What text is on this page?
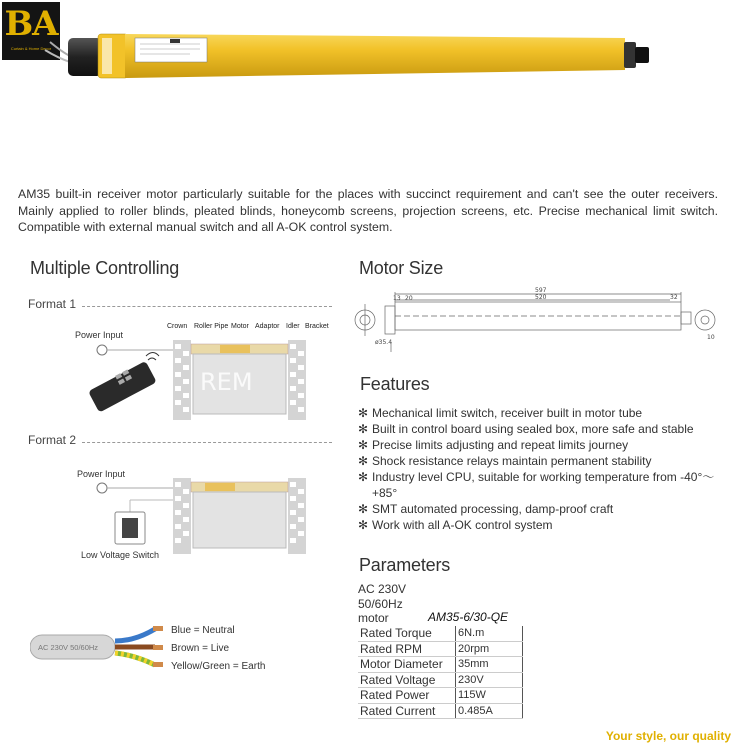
BA
Curtain & Home Decor
AM35 built-in receiver motor particularly suitable for the places with succinct requirement and can't see the outer receivers. Mainly applied to roller blinds, pleated blinds, honeycomb screens, projection screens, etc. Precise mechanical limit switch. Compatible with external manual switch and all A-OK control system.
Multiple Controlling
Format 1
Power Input
Crown Roller Pipe Motor Adaptor Idler Bracket
REM
Format 2
Power Input
Low Voltage Switch
AC 230V 50/60Hz
Blue = Neutral
Brown = Live
Yellow/Green = Earth
Motor Size
597
520
13 20	32
10
ø35.4
Features
✻ Mechanical limit switch, receiver built in motor tube
✻ Built in control board using sealed box, more safe and stable
✻ Precise limits adjusting and repeat limits journey
✻ Shock resistance relays maintain permanent stability
✻ Industry level CPU, suitable for working temperature from -40°～+85°
✻ SMT automated processing, damp-proof craft
✻ Work with all A-OK control system
Parameters
AC 230V
50/60Hz
motor	AM35-6/30-QE
Rated Torque	6N.m
Rated RPM	20rpm
Motor Diameter	35mm
Rated Voltage	230V
Rated Power	115W
Rated Current	0.485A
Your style, our quality
